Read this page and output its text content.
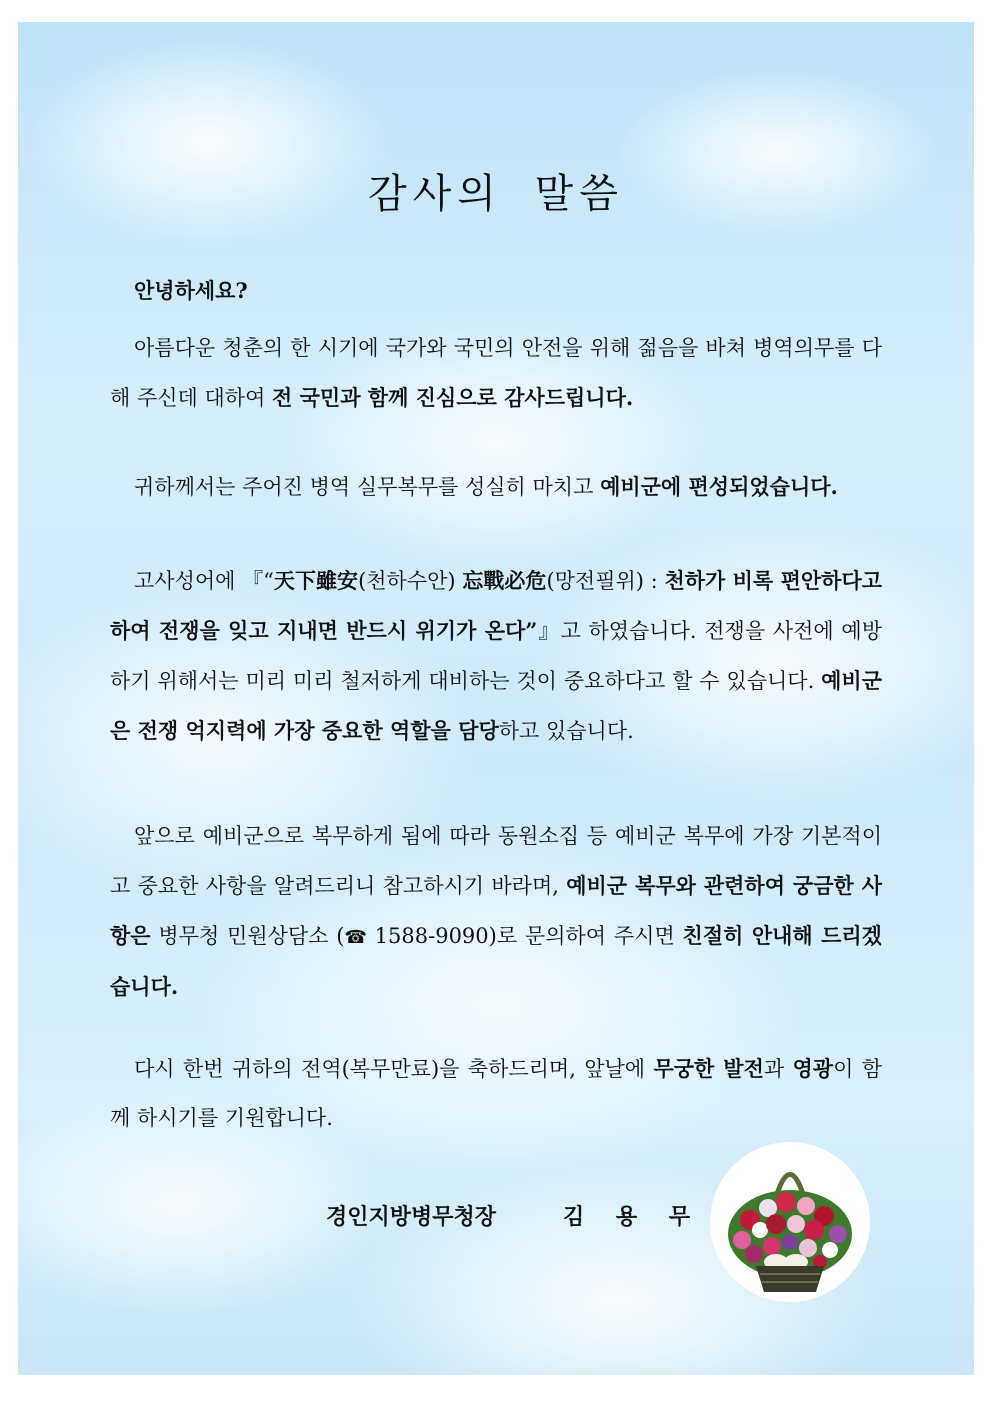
감사의 말씀

안녕하세요?

아름다운 청춘의 한 시기에 국가와 국민의 안전을 위해 젊음을 바쳐 병역의무를 다해 주신데 대하여 전 국민과 함께 진심으로 감사드립니다.

귀하께서는 주어진 병역 실무복무를 성실히 마치고 예비군에 편성되었습니다.

고사성어에 『“天下雖安(천하수안) 忘戰必危(망전필위) : 천하가 비록 편안하다고 하여 전쟁을 잊고 지내면 반드시 위기가 온다”』고 하였습니다. 전쟁을 사전에 예방하기 위해서는 미리 미리 철저하게 대비하는 것이 중요하다고 할 수 있습니다. 예비군은 전쟁 억지력에 가장 중요한 역할을 담당하고 있습니다.

앞으로 예비군으로 복무하게 됨에 따라 동원소집 등 예비군 복무에 가장 기본적이고 중요한 사항을 알려드리니 참고하시기 바라며, 예비군 복무와 관련하여 궁금한 사항은 병무청 민원상담소 (☎ 1588-9090)로 문의하여 주시면 친절히 안내해 드리겠습니다.

다시 한번 귀하의 전역(복무만료)을 축하드리며, 앞날에 무궁한 발전과 영광이 함께 하시기를 기원합니다.

경인지방병무청장	김 용 무
